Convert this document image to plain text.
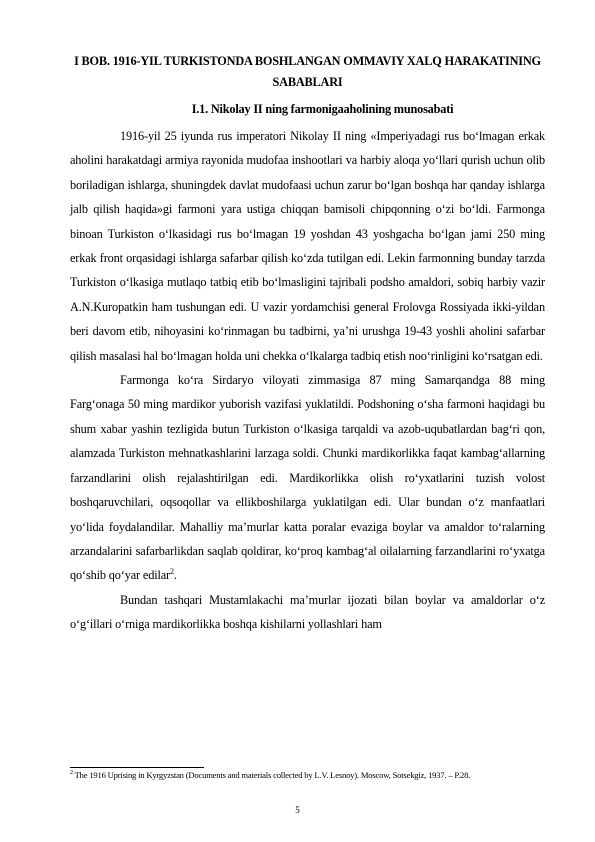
I BOB. 1916-YIL TURKISTONDA BOSHLANGAN OMMAVIY XALQ HARAKATINING SABABLARI
I.1. Nikolay II ning farmonigaaholining munosabati

1916-yil 25 iyunda rus imperatori Nikolay II ning «Imperiyadagi rus bo‘lmagan erkak aholini harakatdagi armiya rayonida mudofaa inshootlari va harbiy aloqa yo‘llari qurish uchun olib boriladigan ishlarga, shuningdek davlat mudofaasi uchun zarur bo‘lgan boshqa har qanday ishlarga jalb qilish haqida»gi farmoni yara ustiga chiqqan bamisoli chipqonning o‘zi bo‘ldi. Farmonga binoan Turkiston o‘lkasidagi rus bo‘lmagan 19 yoshdan 43 yoshgacha bo‘lgan jami 250 ming erkak front orqasidagi ishlarga safarbar qilish ko‘zda tutilgan edi. Lekin farmonning bunday tarzda Turkiston o‘lkasiga mutlaqo tatbiq etib bo‘lmasligini tajribali podsho amaldori, sobiq harbiy vazir A.N.Kuropatkin ham tushungan edi. U vazir yordamchisi general Frolovga Rossiyada ikki-yildan beri davom etib, nihoyasini ko‘rinmagan bu tadbirni, ya’ni urushga 19-43 yoshli aholini safarbar qilish masalasi hal bo‘lmagan holda uni chekka o‘lkalarga tadbiq etish noo‘rinligini ko‘rsatgan edi.

Farmonga ko‘ra Sirdaryo viloyati zimmasiga 87 ming Samarqandga 88 ming Farg‘onaga 50 ming mardikor yuborish vazifasi yuklatildi. Podshoning o‘sha farmoni haqidagi bu shum xabar yashin tezligida butun Turkiston o‘lkasiga tarqaldi va azob-uqubatlardan bag‘ri qon, alamzada Turkiston mehnatkashlarini larzaga soldi. Chunki mardikorlikka faqat kambag‘allarning farzandlarini olish rejalashtirilgan edi. Mardikorlikka olish ro‘yxatlarini tuzish volost boshqaruvchilari, oqsoqollar va ellikboshilarga yuklatilgan edi. Ular bundan o‘z manfaatlari yo‘lida foydalandilar. Mahalliy ma’murlar katta poralar evaziga boylar va amaldor to‘ralarning arzandalarini safarbarlikdan saqlab qoldirar, ko‘proq kambag‘al oilalarning farzandlarini ro‘yxatga qo‘shib qo‘yar edilar$^2$.

Bundan tashqari Mustamlakachi ma’murlar ijozati bilan boylar va amaldorlar o‘z o‘g‘illari o‘rniga mardikorlikka boshqa kishilarni yollashlari ham

$^2$ The 1916 Uprising in Kyrgyzstan (Documents and materials collected by L.V. Lesnoy). Moscow, Sotsekgiz, 1937. – P.28.
5
